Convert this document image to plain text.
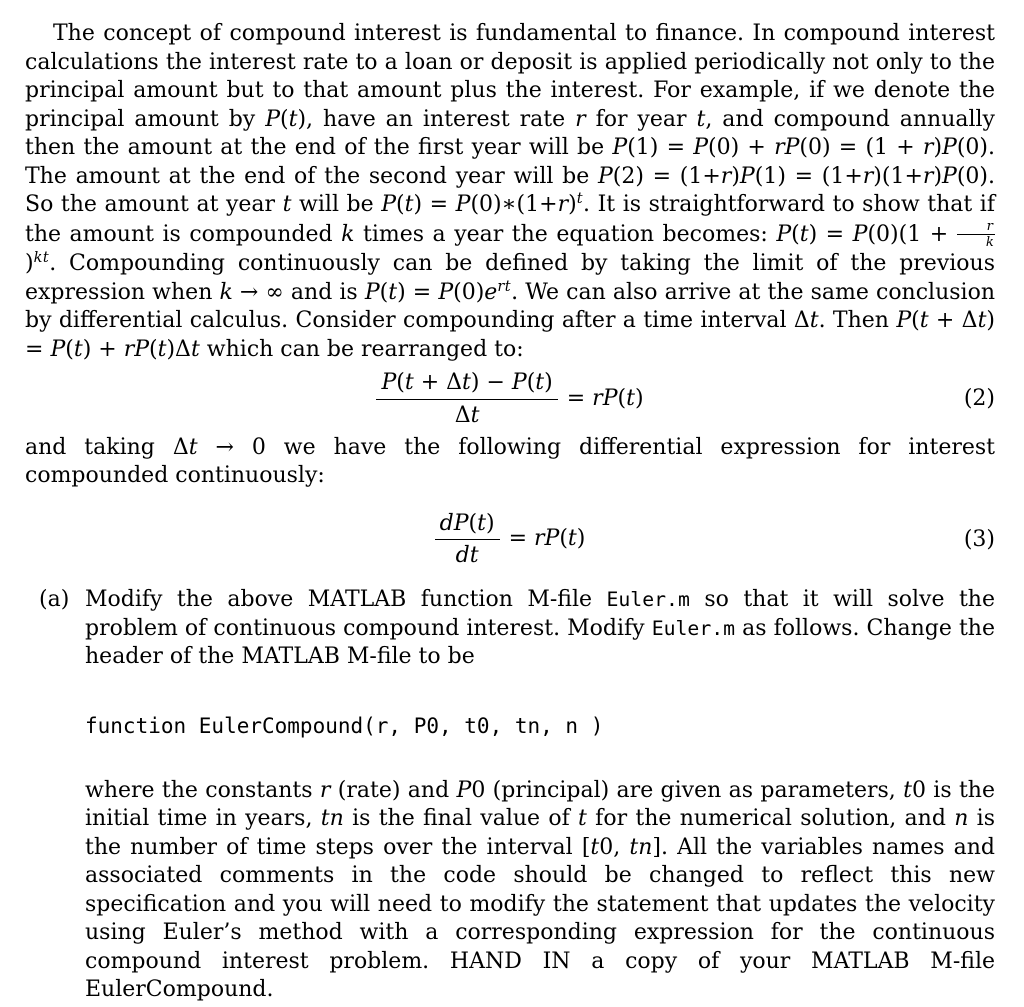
The concept of compound interest is fundamental to finance. In compound interest calculations the interest rate to a loan or deposit is applied periodically not only to the principal amount but to that amount plus the interest. For example, if we denote the principal amount by P(t), have an interest rate r for year t, and compound annually then the amount at the end of the first year will be P(1) = P(0) + rP(0) = (1 + r)P(0). The amount at the end of the second year will be P(2) = (1+r)P(1) = (1+r)(1+r)P(0). So the amount at year t will be $P(t) = P(0)∗(1+r)^t$. It is straightforward to show that if the amount is compounded k times a year the equation becomes: $P(t) = P(0)(1 + \frac{r}{k}$
)$^{kt}$. Compounding continuously can be defined by taking the limit of the previous expression when k → ∞ and is $P(t) = P(0)e^{rt}$. We can also arrive at the same conclusion by differential calculus. Consider compounding after a time interval Δt. Then P(t + Δt) = P(t) + rP(t)Δt which can be rearranged to:

$\frac{P(t + \Delta t) - P(t)}{\Delta t} = rP(t)$	(2)

and taking Δt → 0 we have the following differential expression for interest compounded continuously:

$\frac{dP(t)}{dt} = rP(t)$	(3)
(a) Modify the above MATLAB function M-file Euler.m so that it will solve the problem of continuous compound interest. Modify Euler.m as follows. Change the header of the MATLAB M-file to be

function EulerCompound(r, P0, t0, tn, n )

where the constants r (rate) and P0 (principal) are given as parameters, t0 is the initial time in years, tn is the final value of t for the numerical solution, and n is the number of time steps over the interval [t0, tn]. All the variables names and associated comments in the code should be changed to reflect this new specification and you will need to modify the statement that updates the velocity using Euler’s method with a corresponding expression for the continuous compound interest problem. HAND IN a copy of your MATLAB M-file EulerCompound.
